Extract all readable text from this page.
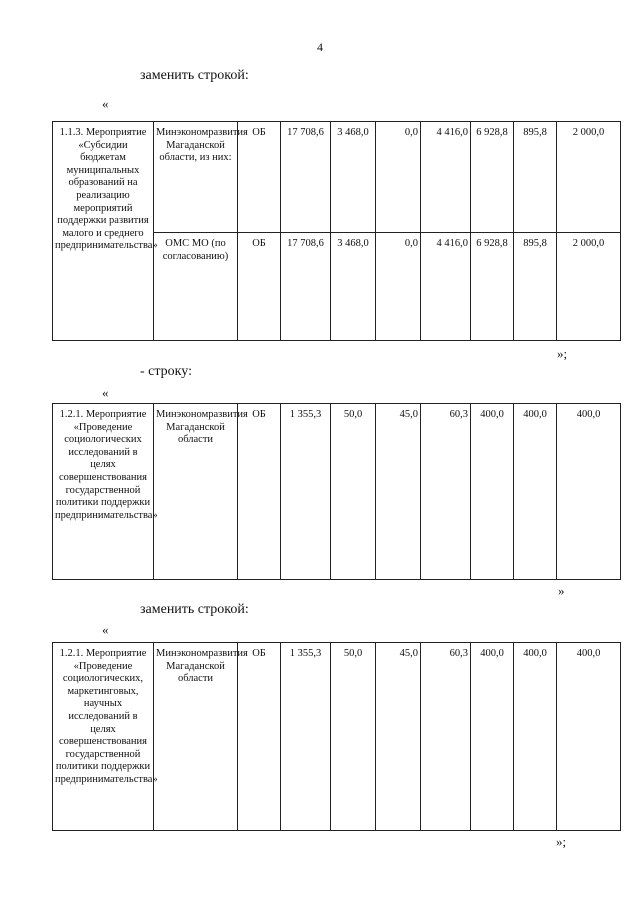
4
заменить строкой:
«
1.1.3. Мероприятие «Субсидии бюджетам муниципальных образований на реализацию мероприятий поддержки развития малого и среднего предпринимательства»	Минэкономразвития Магаданской области, из них:	ОБ	17 708,6	3 468,0	0,0	4 416,0	6 928,8	895,8	2 000,0
	ОМС МО (по согласованию)	ОБ	17 708,6	3 468,0	0,0	4 416,0	6 928,8	895,8	2 000,0
»;
- строку:
«
1.2.1. Мероприятие «Проведение социологических исследований в целях совершенствования государственной политики поддержки предпринимательства»	Минэкономразвития Магаданской области	ОБ	1 355,3	50,0	45,0	60,3	400,0	400,0	400,0
»
заменить строкой:
«
1.2.1. Мероприятие «Проведение социологических, маркетинговых, научных исследований в целях совершенствования государственной политики поддержки предпринимательства»	Минэкономразвития Магаданской области	ОБ	1 355,3	50,0	45,0	60,3	400,0	400,0	400,0
»;
